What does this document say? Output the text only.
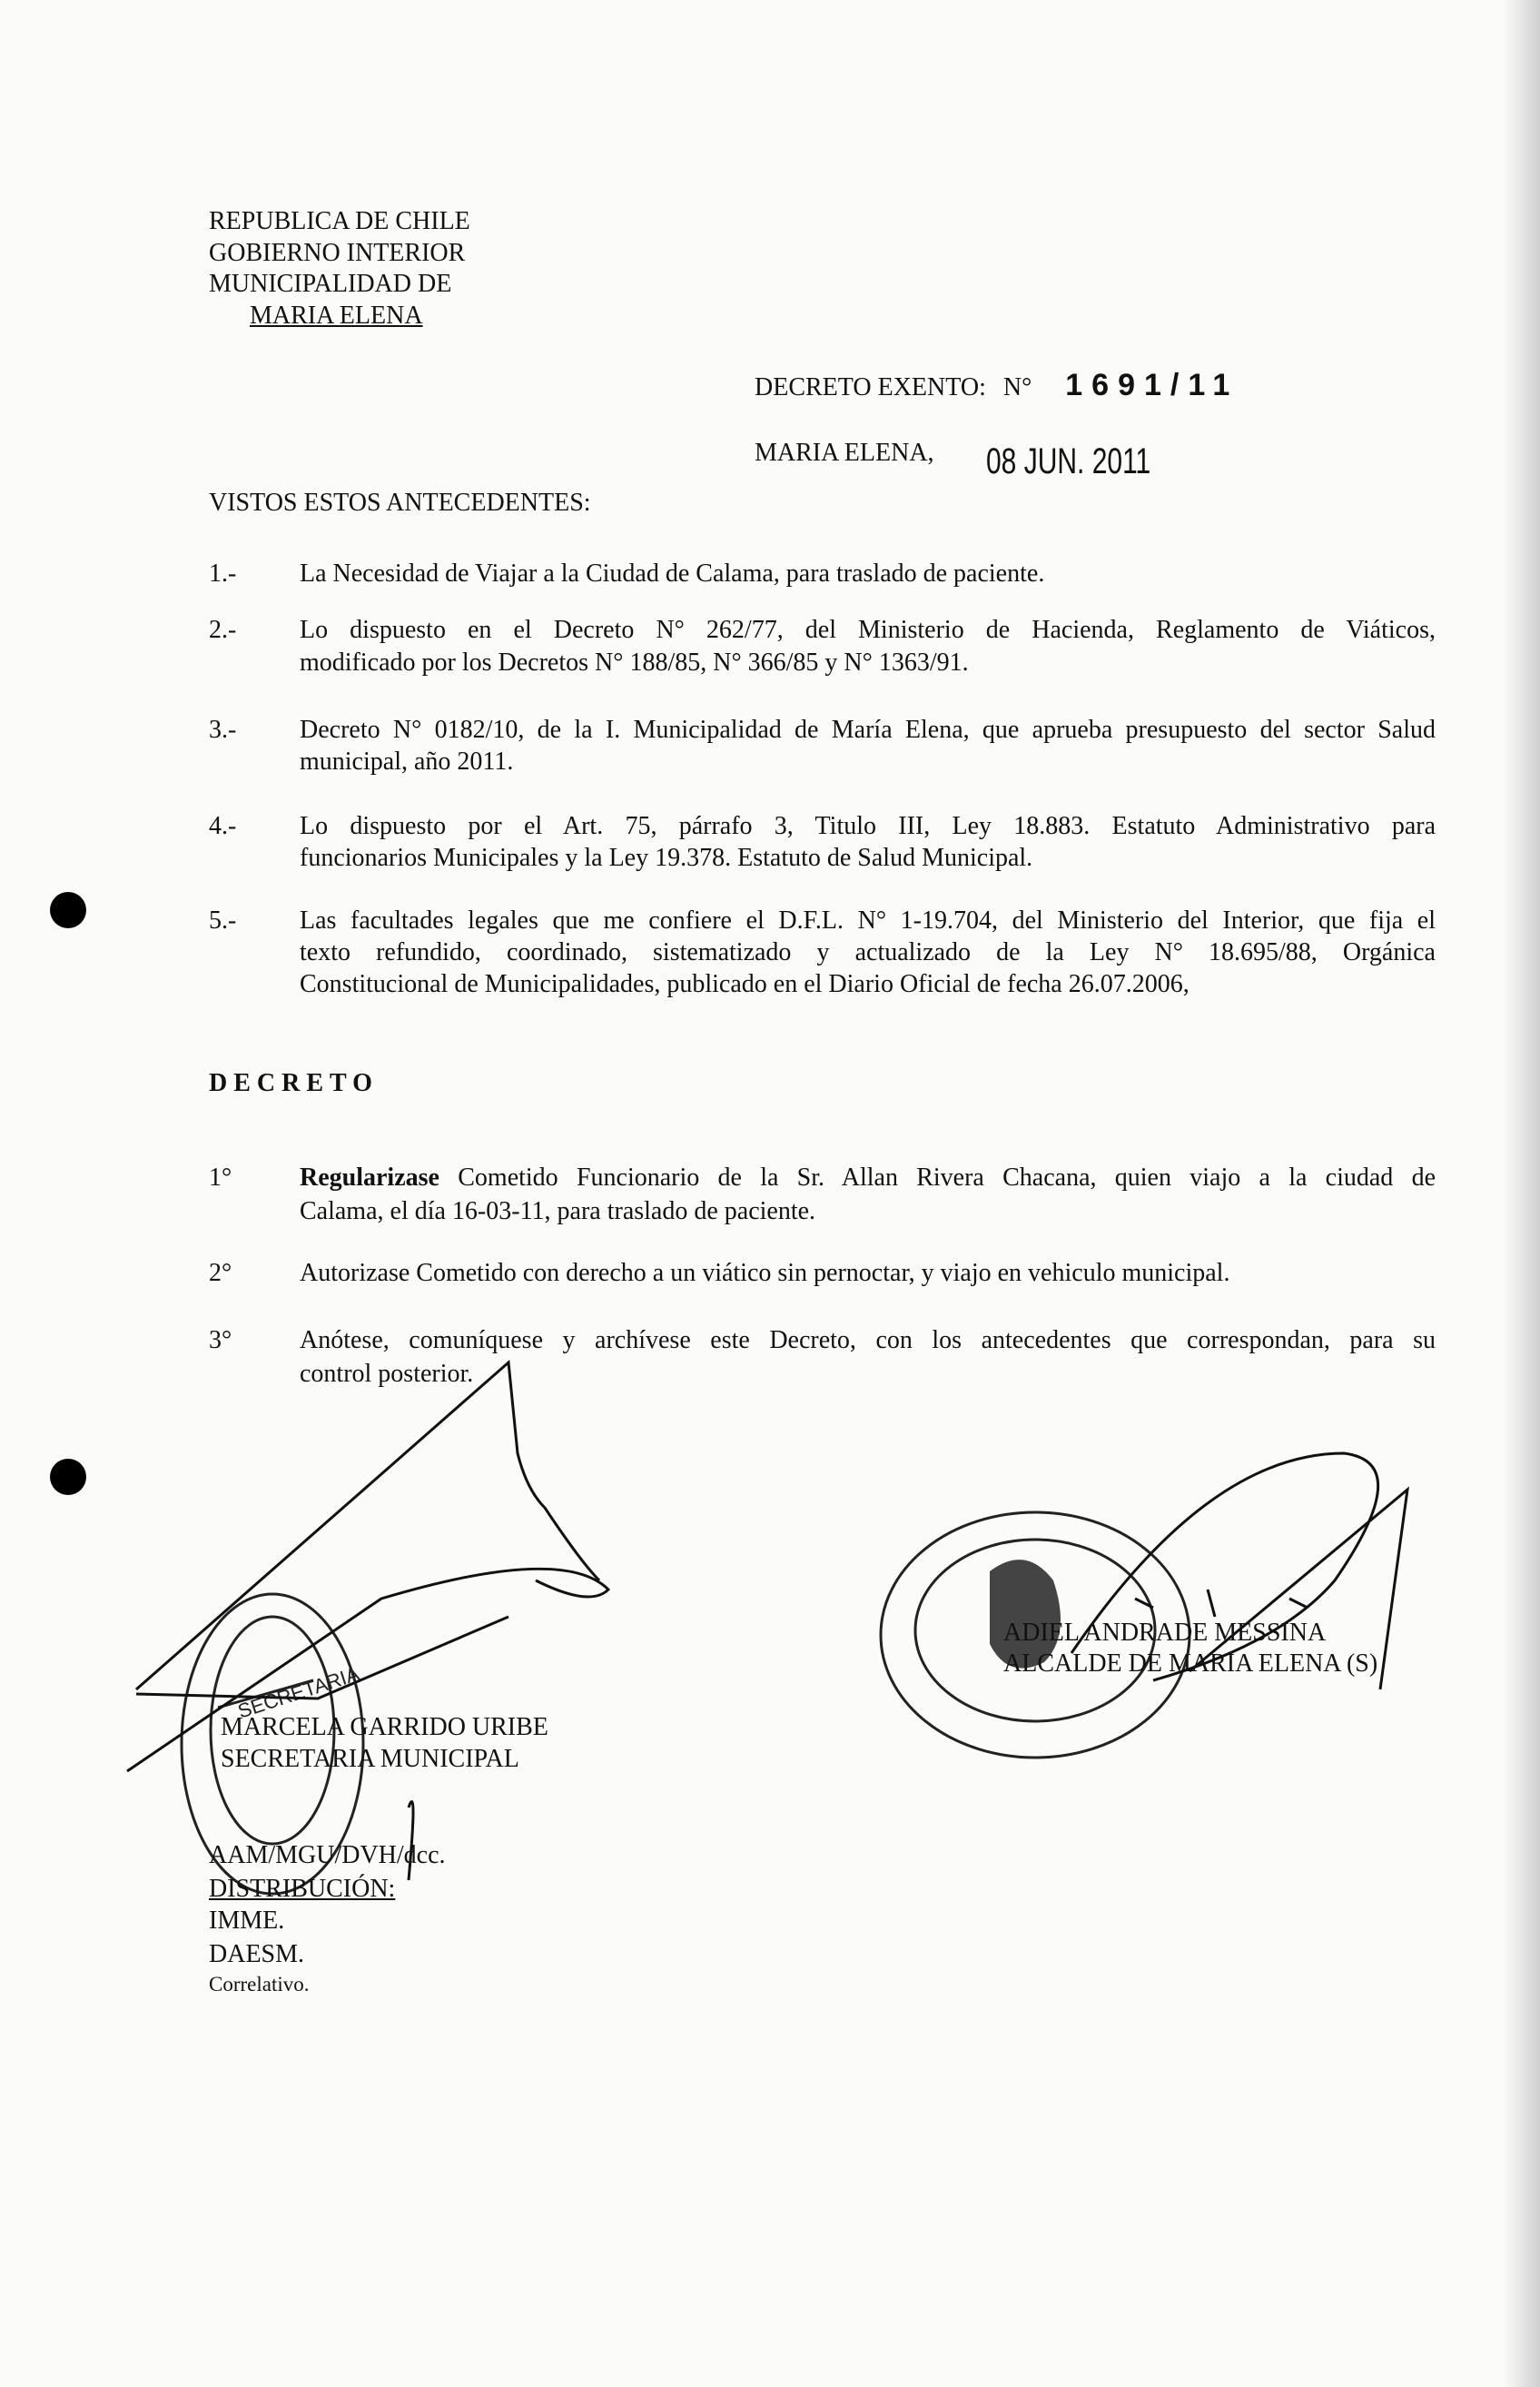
REPUBLICA DE CHILE
GOBIERNO INTERIOR
MUNICIPALIDAD DE
MARIA ELENA
DECRETO EXENTO: N° 1691/11
MARIA ELENA, 08 JUN. 2011
VISTOS ESTOS ANTECEDENTES:
1.- La Necesidad de Viajar a la Ciudad de Calama, para traslado de paciente.
2.- Lo dispuesto en el Decreto N° 262/77, del Ministerio de Hacienda, Reglamento de Viáticos,
modificado por los Decretos N° 188/85, N° 366/85 y N° 1363/91.
3.- Decreto N° 0182/10, de la I. Municipalidad de María Elena, que aprueba presupuesto del sector Salud
municipal, año 2011.
4.- Lo dispuesto por el Art. 75, párrafo 3, Titulo III, Ley 18.883. Estatuto Administrativo para
funcionarios Municipales y la Ley 19.378. Estatuto de Salud Municipal.
5.- Las facultades legales que me confiere el D.F.L. N° 1-19.704, del Ministerio del Interior, que fija el
texto refundido, coordinado, sistematizado y actualizado de la Ley N° 18.695/88, Orgánica
Constitucional de Municipalidades, publicado en el Diario Oficial de fecha 26.07.2006,
DECRETO
1°	Regularizase Cometido Funcionario de la Sr. Allan Rivera Chacana, quien viajo a la ciudad de
Calama, el día 16-03-11, para traslado de paciente.
2°	Autorizase Cometido con derecho a un viático sin pernoctar, y viajo en vehiculo municipal.
3°	Anótese, comuníquese y archívese este Decreto, con los antecedentes que correspondan, para su
control posterior.
SECRETARIA
ADIEL ANDRADE MESSINA
ALCALDE DE MARIA ELENA (S)
MARCELA GARRIDO URIBE
SECRETARIA MUNICIPAL
AAM/MGU/DVH/dcc.
DISTRIBUCIÓN:
IMME.
DAESM.
Correlativo.
